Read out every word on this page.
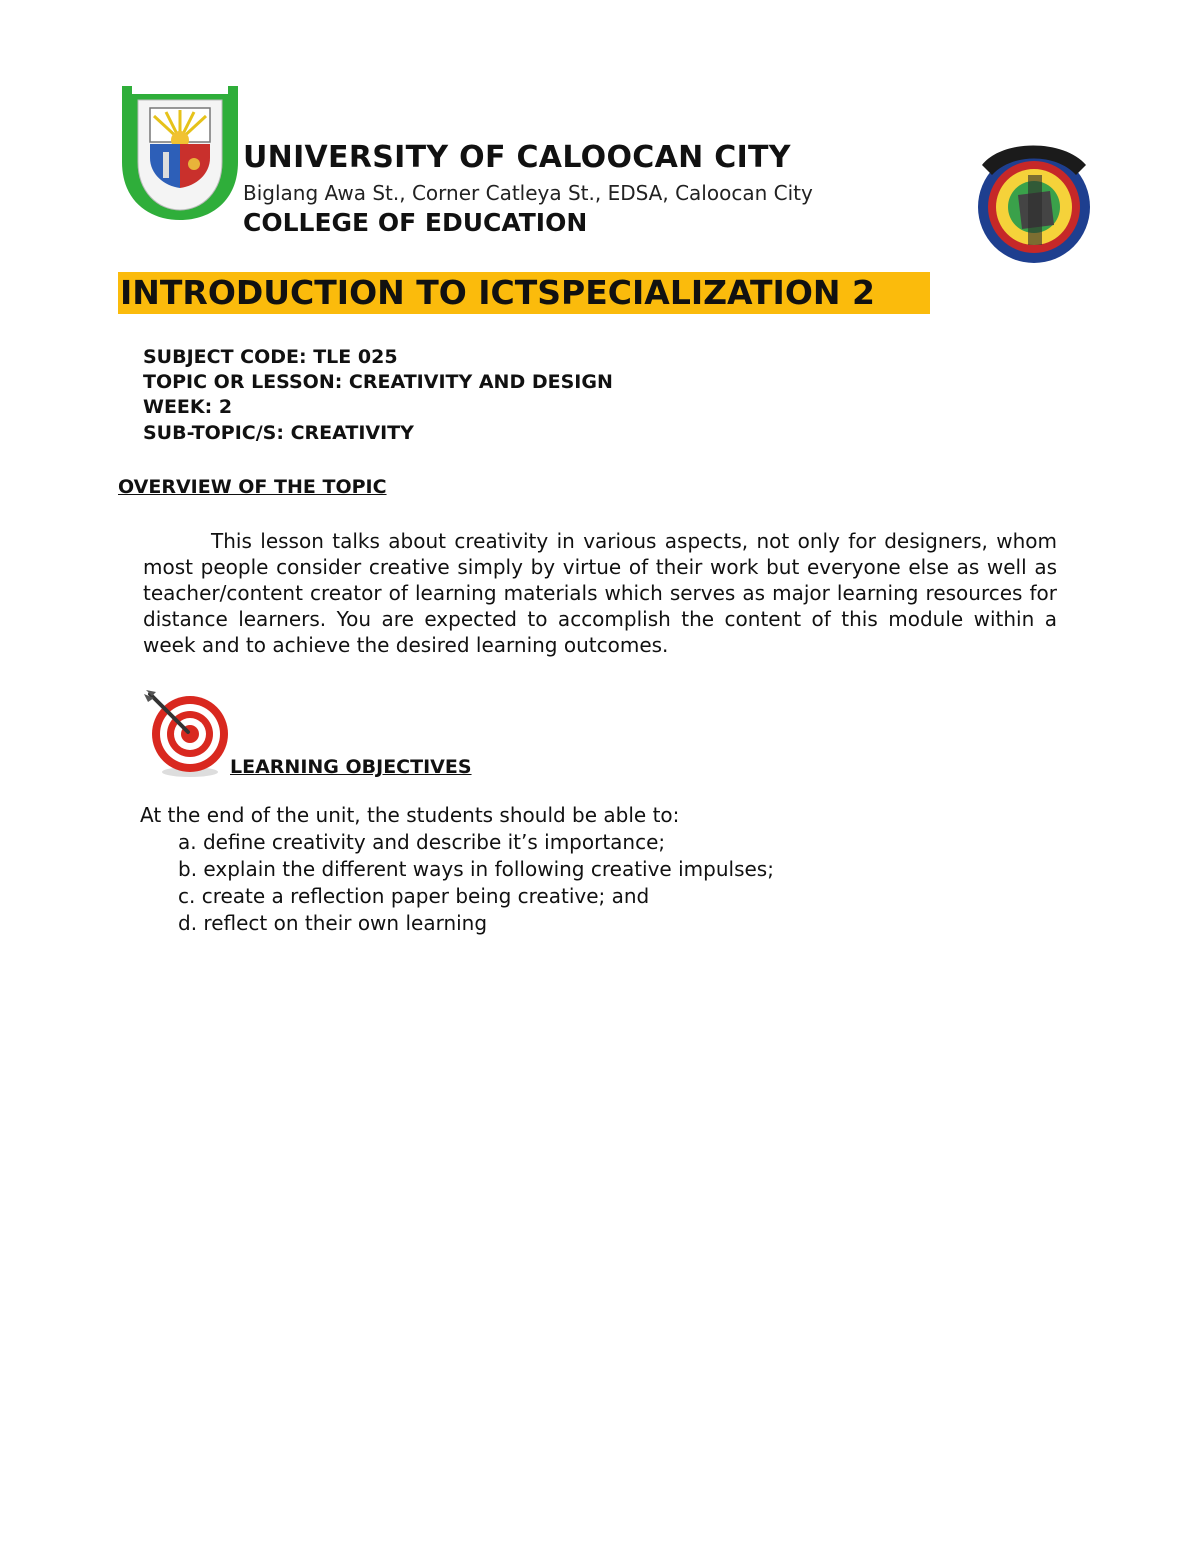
UNIVERSITY OF CALOOCAN CITY
Biglang Awa St., Corner Catleya St., EDSA, Caloocan City
COLLEGE OF EDUCATION
INTRODUCTION TO ICTSPECIALIZATION 2
SUBJECT CODE: TLE 025
TOPIC OR LESSON: CREATIVITY AND DESIGN
WEEK: 2
SUB-TOPIC/S: CREATIVITY
OVERVIEW OF THE TOPIC

This lesson talks about creativity in various aspects, not only for designers, whom most people consider creative simply by virtue of their work but everyone else as well as teacher/content creator of learning materials which serves as major learning resources for distance learners. You are expected to accomplish the content of this module within a week and to achieve the desired learning outcomes.

LEARNING OBJECTIVES

At the end of the unit, the students should be able to:

a. define creativity and describe it’s importance;
b. explain the different ways in following creative impulses;
c. create a reflection paper being creative; and
d. reflect on their own learning
